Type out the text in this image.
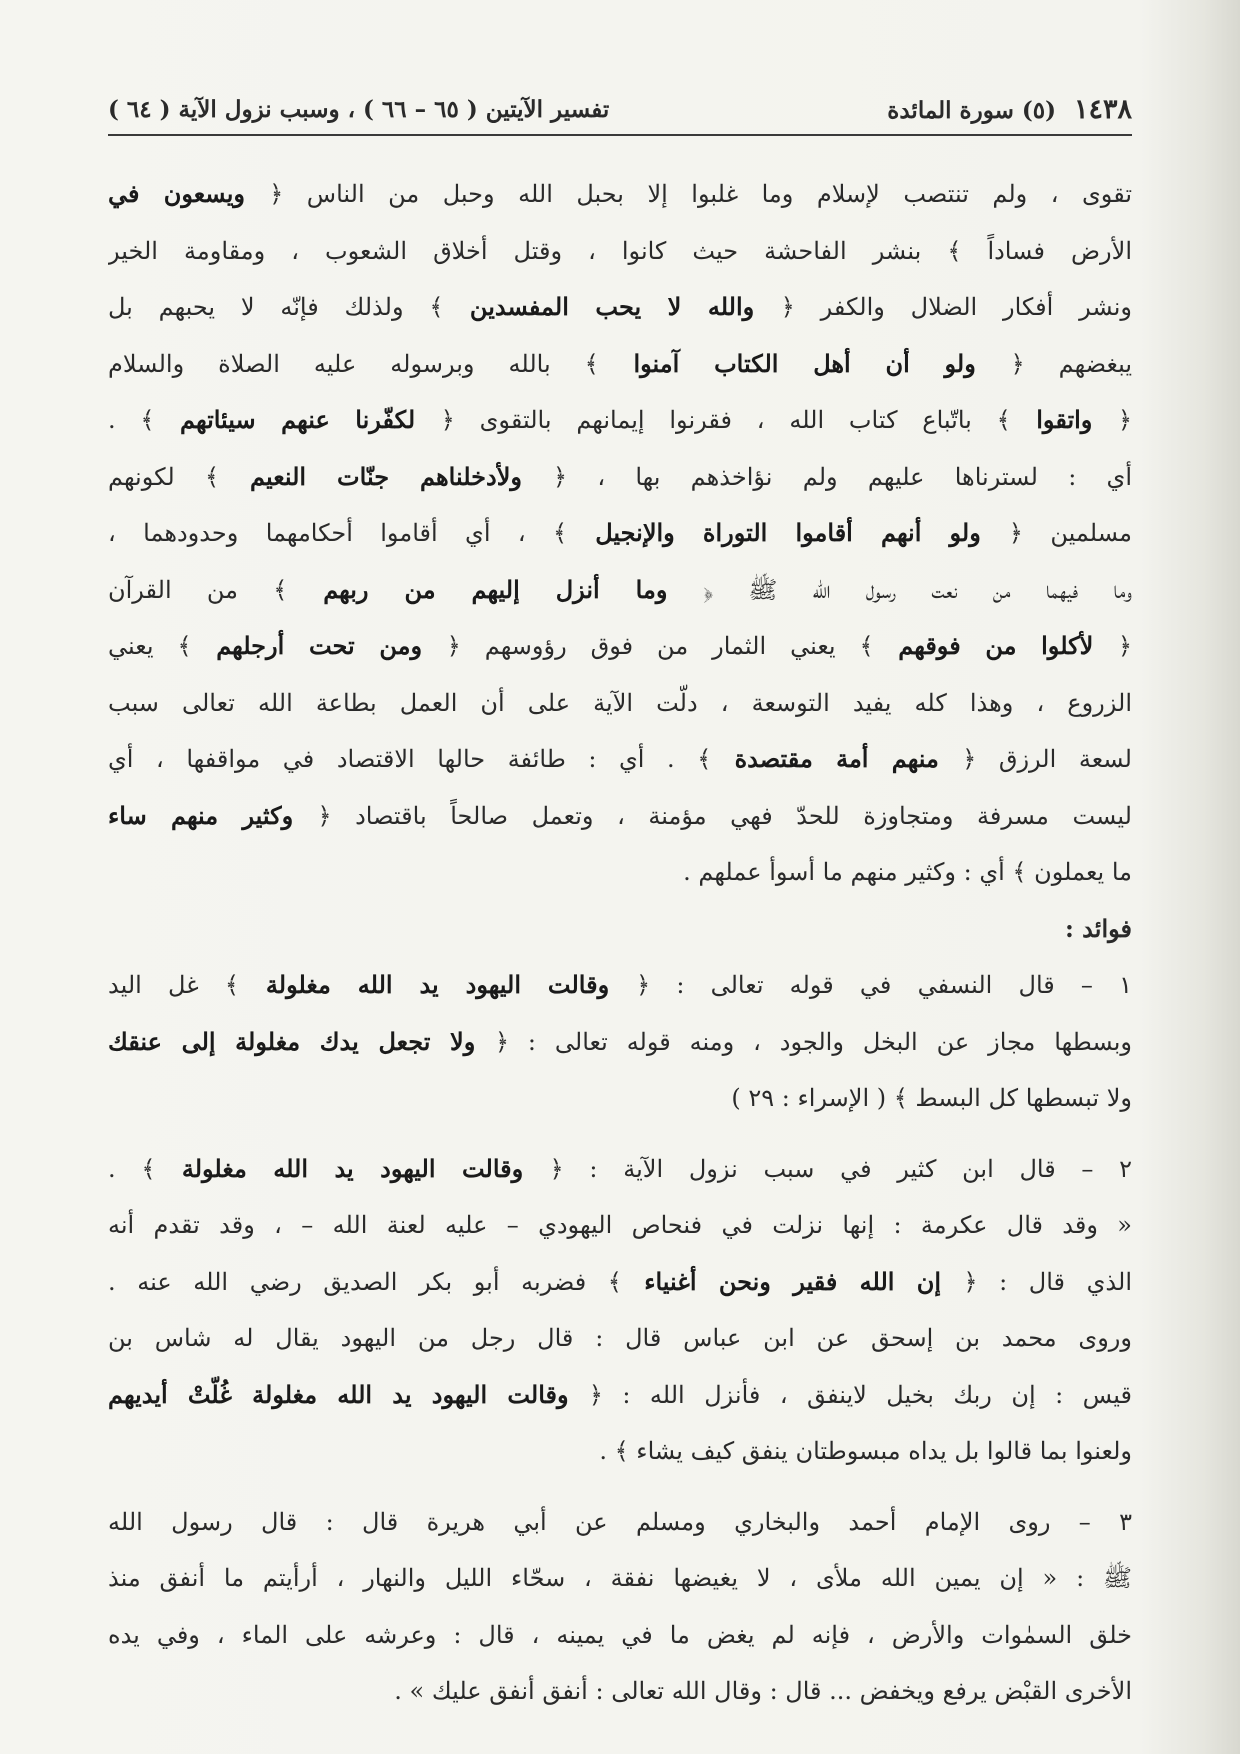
١٤٣٨
(٥) سورة المائدة
تفسير الآيتين ( ٦٥ – ٦٦ ) ، وسبب نزول الآية ( ٦٤ )
تقوى ، ولم تنتصب لإسلام وما غلبوا إلا بحبل الله وحبل من الناس ﴿ ويسعون في
الأرض فساداً ﴾ بنشر الفاحشة حيث كانوا ، وقتل أخلاق الشعوب ، ومقاومة الخير
ونشر أفكار الضلال والكفر ﴿ والله لا يحب المفسدين ﴾ ولذلك فإنّه لا يحبهم بل
يبغضهم ﴿ ولو أن أهل الكتاب آمنوا ﴾ بالله وبرسوله عليه الصلاة والسلام
﴿ واتقوا ﴾ باتّباع كتاب الله ، فقرنوا إيمانهم بالتقوى ﴿ لكفّرنا عنهم سيئاتهم ﴾ .
أي : لسترناها عليهم ولم نؤاخذهم بها ، ﴿ ولأدخلناهم جنّات النعيم ﴾ لكونهم
مسلمين ﴿ ولو أنهم أقاموا التوراة والإنجيل ﴾ ، أي أقاموا أحكامهما وحدودهما ،
وما فيهما من نعت رسول الله ﷺ ﴿ وما أنزل إليهم من ربهم ﴾ من القرآن
﴿ لأكلوا من فوقهم ﴾ يعني الثمار من فوق رؤوسهم ﴿ ومن تحت أرجلهم ﴾ يعني
الزروع ، وهذا كله يفيد التوسعة ، دلّت الآية على أن العمل بطاعة الله تعالى سبب
لسعة الرزق ﴿ منهم أمة مقتصدة ﴾ . أي : طائفة حالها الاقتصاد في مواقفها ، أي
ليست مسرفة ومتجاوزة للحدّ فهي مؤمنة ، وتعمل صالحاً باقتصاد ﴿ وكثير منهم ساء
ما يعملون ﴾ أي : وكثير منهم ما أسوأ عملهم .
فوائد :
١ – قال النسفي في قوله تعالى : ﴿ وقالت اليهود يد الله مغلولة ﴾ غل اليد
وبسطها مجاز عن البخل والجود ، ومنه قوله تعالى : ﴿ ولا تجعل يدك مغلولة إلى عنقك
ولا تبسطها كل البسط ﴾ ( الإسراء : ٢٩ )
٢ – قال ابن كثير في سبب نزول الآية : ﴿ وقالت اليهود يد الله مغلولة ﴾ .
« وقد قال عكرمة : إنها نزلت في فنحاص اليهودي – عليه لعنة الله – ، وقد تقدم أنه
الذي قال : ﴿ إن الله فقير ونحن أغنياء ﴾ فضربه أبو بكر الصديق رضي الله عنه .
وروى محمد بن إسحق عن ابن عباس قال : قال رجل من اليهود يقال له شاس بن
قيس : إن ربك بخيل لاينفق ، فأنزل الله : ﴿ وقالت اليهود يد الله مغلولة غُلّتْ أيديهم
ولعنوا بما قالوا بل يداه مبسوطتان ينفق كيف يشاء ﴾ .
٣ – روى الإمام أحمد والبخاري ومسلم عن أبي هريرة قال : قال رسول الله
ﷺ : « إن يمين الله ملأى ، لا يغيضها نفقة ، سحّاء الليل والنهار ، أرأيتم ما أنفق منذ
خلق السمٰوات والأرض ، فإنه لم يغض ما في يمينه ، قال : وعرشه على الماء ، وفي يده
الأخرى القبْض يرفع ويخفض ... قال : وقال الله تعالى : أنفق أنفق عليك » .
